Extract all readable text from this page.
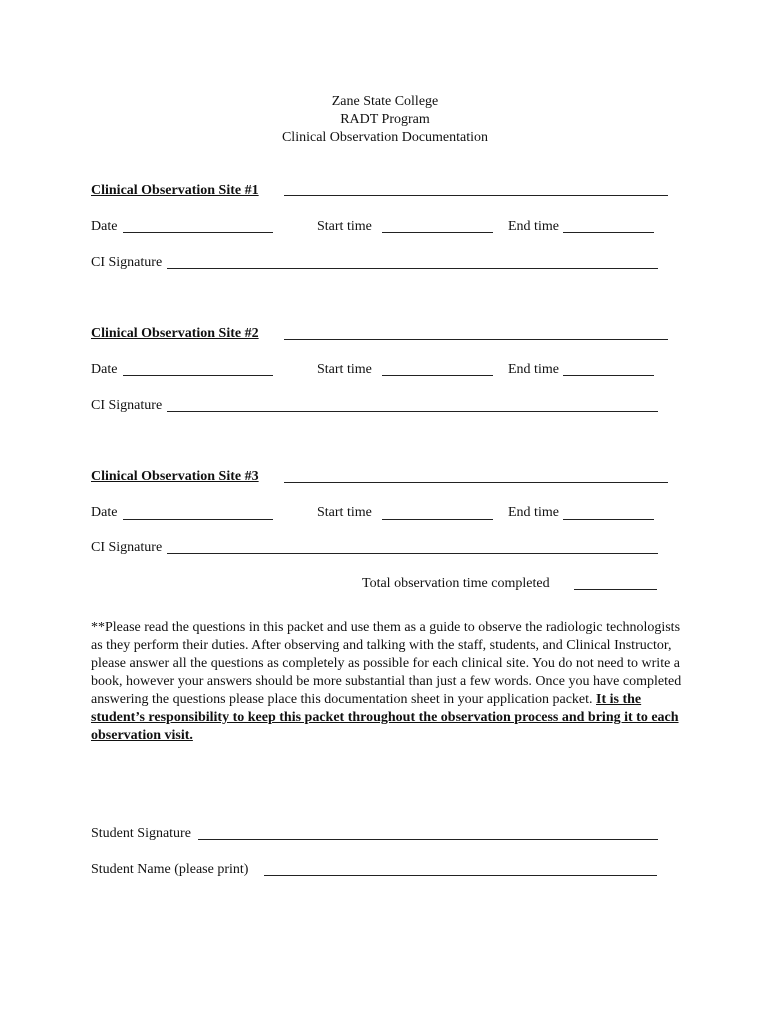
Zane State College
RADT Program
Clinical Observation Documentation
Clinical Observation Site #1
Date	Start time	End time
CI Signature
Clinical Observation Site #2
Date	Start time	End time
CI Signature
Clinical Observation Site #3
Date	Start time	End time
CI Signature
Total observation time completed
**Please read the questions in this packet and use them as a guide to observe the radiologic technologists as they perform their duties. After observing and talking with the staff, students, and Clinical Instructor, please answer all the questions as completely as possible for each clinical site. You do not need to write a book, however your answers should be more substantial than just a few words. Once you have completed answering the questions please place this documentation sheet in your application packet. It is the student’s responsibility to keep this packet throughout the observation process and bring it to each observation visit.
Student Signature
Student Name (please print)
